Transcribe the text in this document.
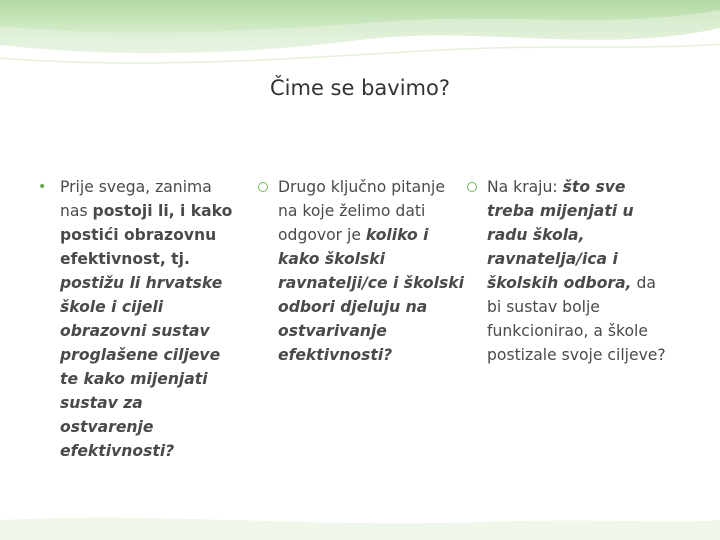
Čime se bavimo?
• Prije svega, zanima nas postoji li, i kako postići obrazovnu efektivnost, tj. postižu li hrvatske škole i cijeli obrazovni sustav proglašene ciljeve te kako mijenjati sustav za ostvarenje efektivnosti?
Drugo ključno pitanje na koje želimo dati odgovor je koliko i kako školski ravnatelji/ce i školski odbori djeluju na ostvarivanje efektivnosti?
Na kraju: što sve treba mijenjati u radu škola, ravnatelja/ica i školskih odbora, da bi sustav bolje funkcionirao, a škole postizale svoje ciljeve?
